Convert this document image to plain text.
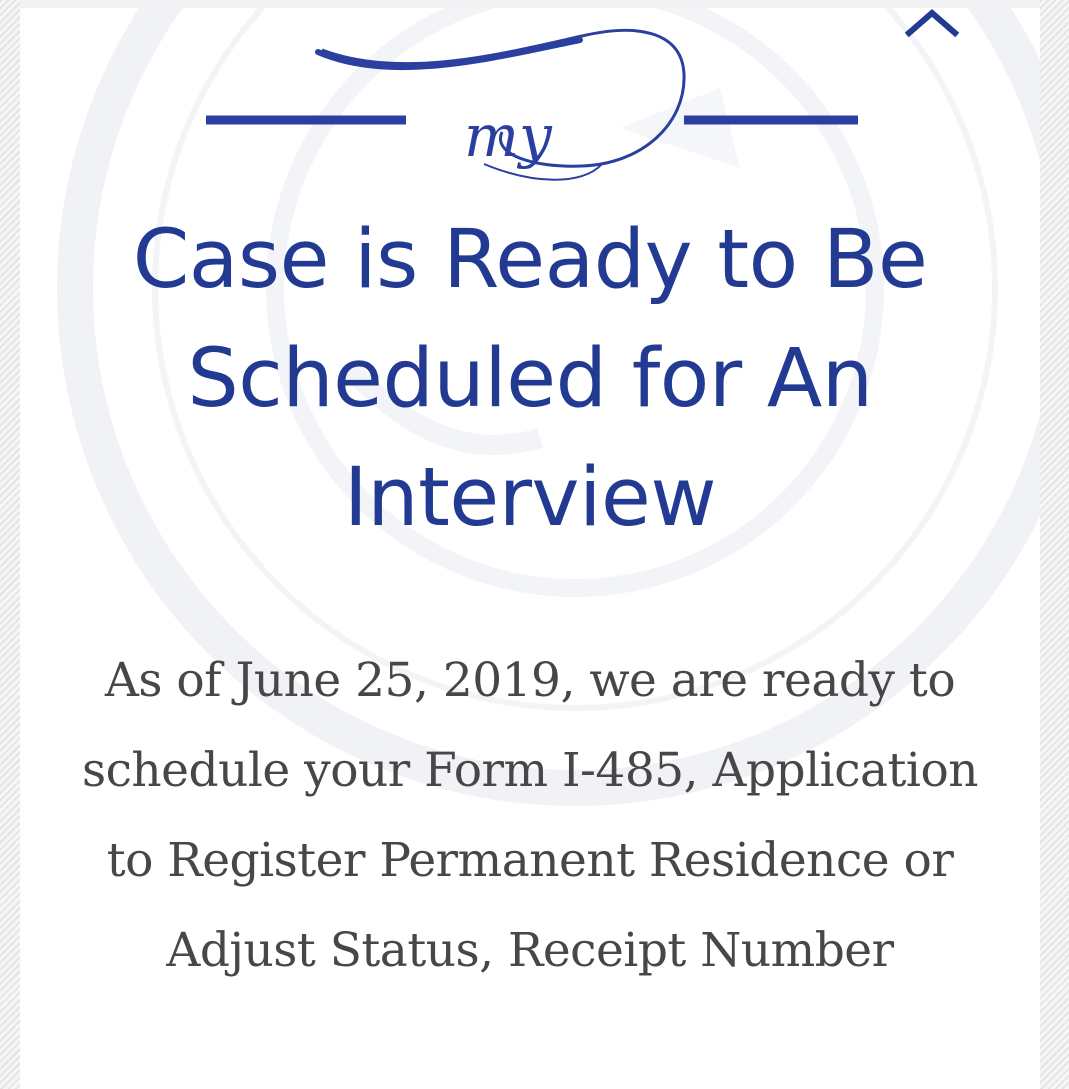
my
Case is Ready to Be Scheduled for An Interview

As of June 25, 2019, we are ready to schedule your Form I-485, Application to Register Permanent Residence or Adjust Status, Receipt Number
